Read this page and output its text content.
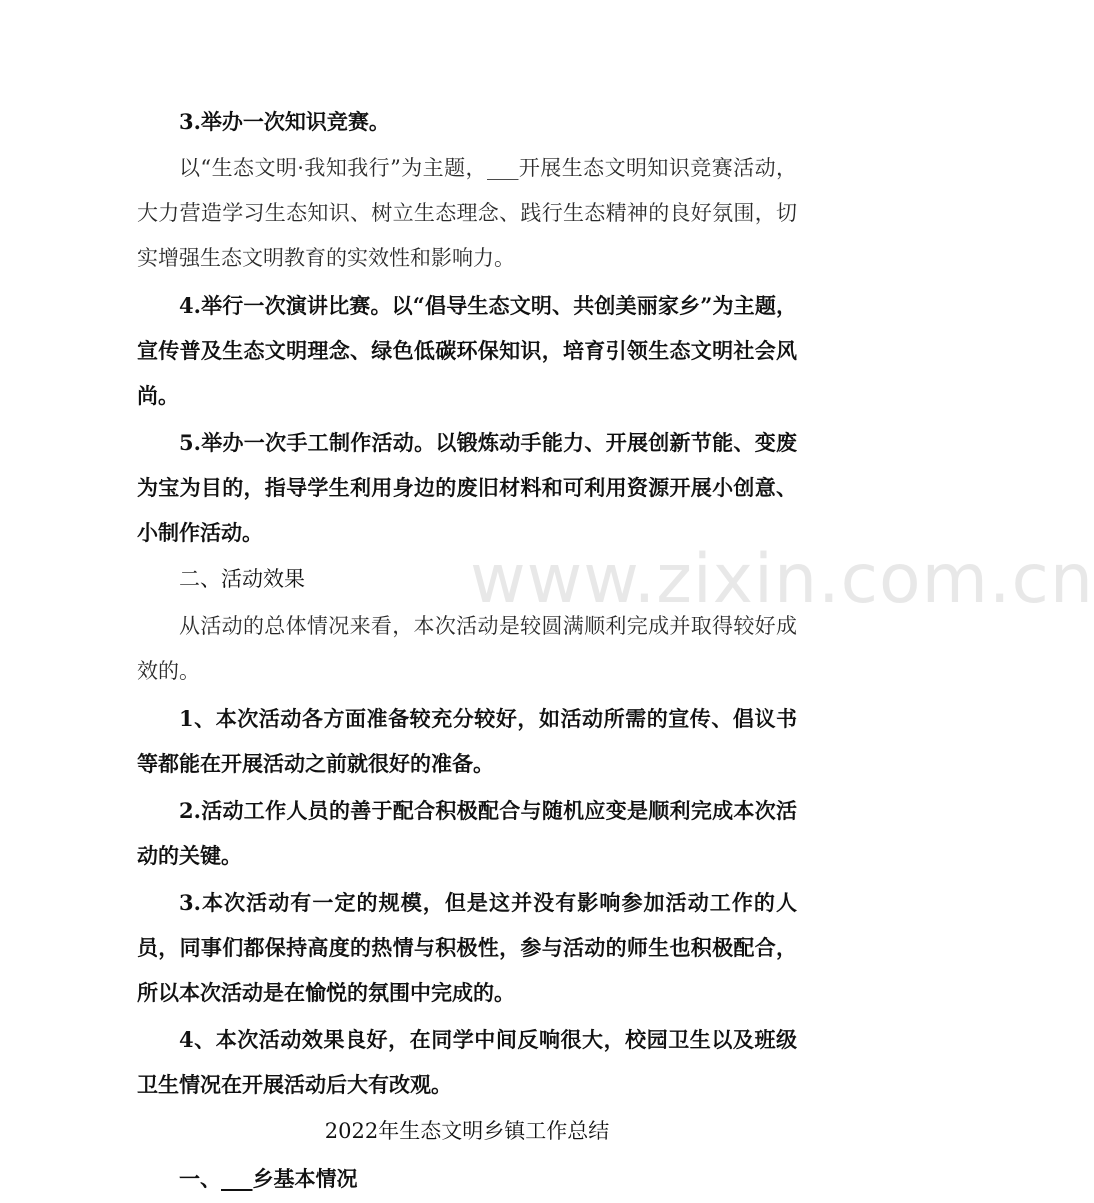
www.zixin.com.cn

3.举办一次知识竞赛。

以“生态文明·我知我行”为主题，___开展生态文明知识竞赛活动，大力营造学习生态知识、树立生态理念、践行生态精神的良好氛围，切实增强生态文明教育的实效性和影响力。

4.举行一次演讲比赛。以“倡导生态文明、共创美丽家乡”为主题，宣传普及生态文明理念、绿色低碳环保知识，培育引领生态文明社会风尚。

5.举办一次手工制作活动。以锻炼动手能力、开展创新节能、变废为宝为目的，指导学生利用身边的废旧材料和可利用资源开展小创意、小制作活动。

二、活动效果

从活动的总体情况来看，本次活动是较圆满顺利完成并取得较好成效的。

1、本次活动各方面准备较充分较好，如活动所需的宣传、倡议书等都能在开展活动之前就很好的准备。

2.活动工作人员的善于配合积极配合与随机应变是顺利完成本次活动的关键。

3.本次活动有一定的规模，但是这并没有影响参加活动工作的人员，同事们都保持高度的热情与积极性，参与活动的师生也积极配合，所以本次活动是在愉悦的氛围中完成的。

4、本次活动效果良好，在同学中间反响很大，校园卫生以及班级卫生情况在开展活动后大有改观。

2022年生态文明乡镇工作总结

一、___乡基本情况
